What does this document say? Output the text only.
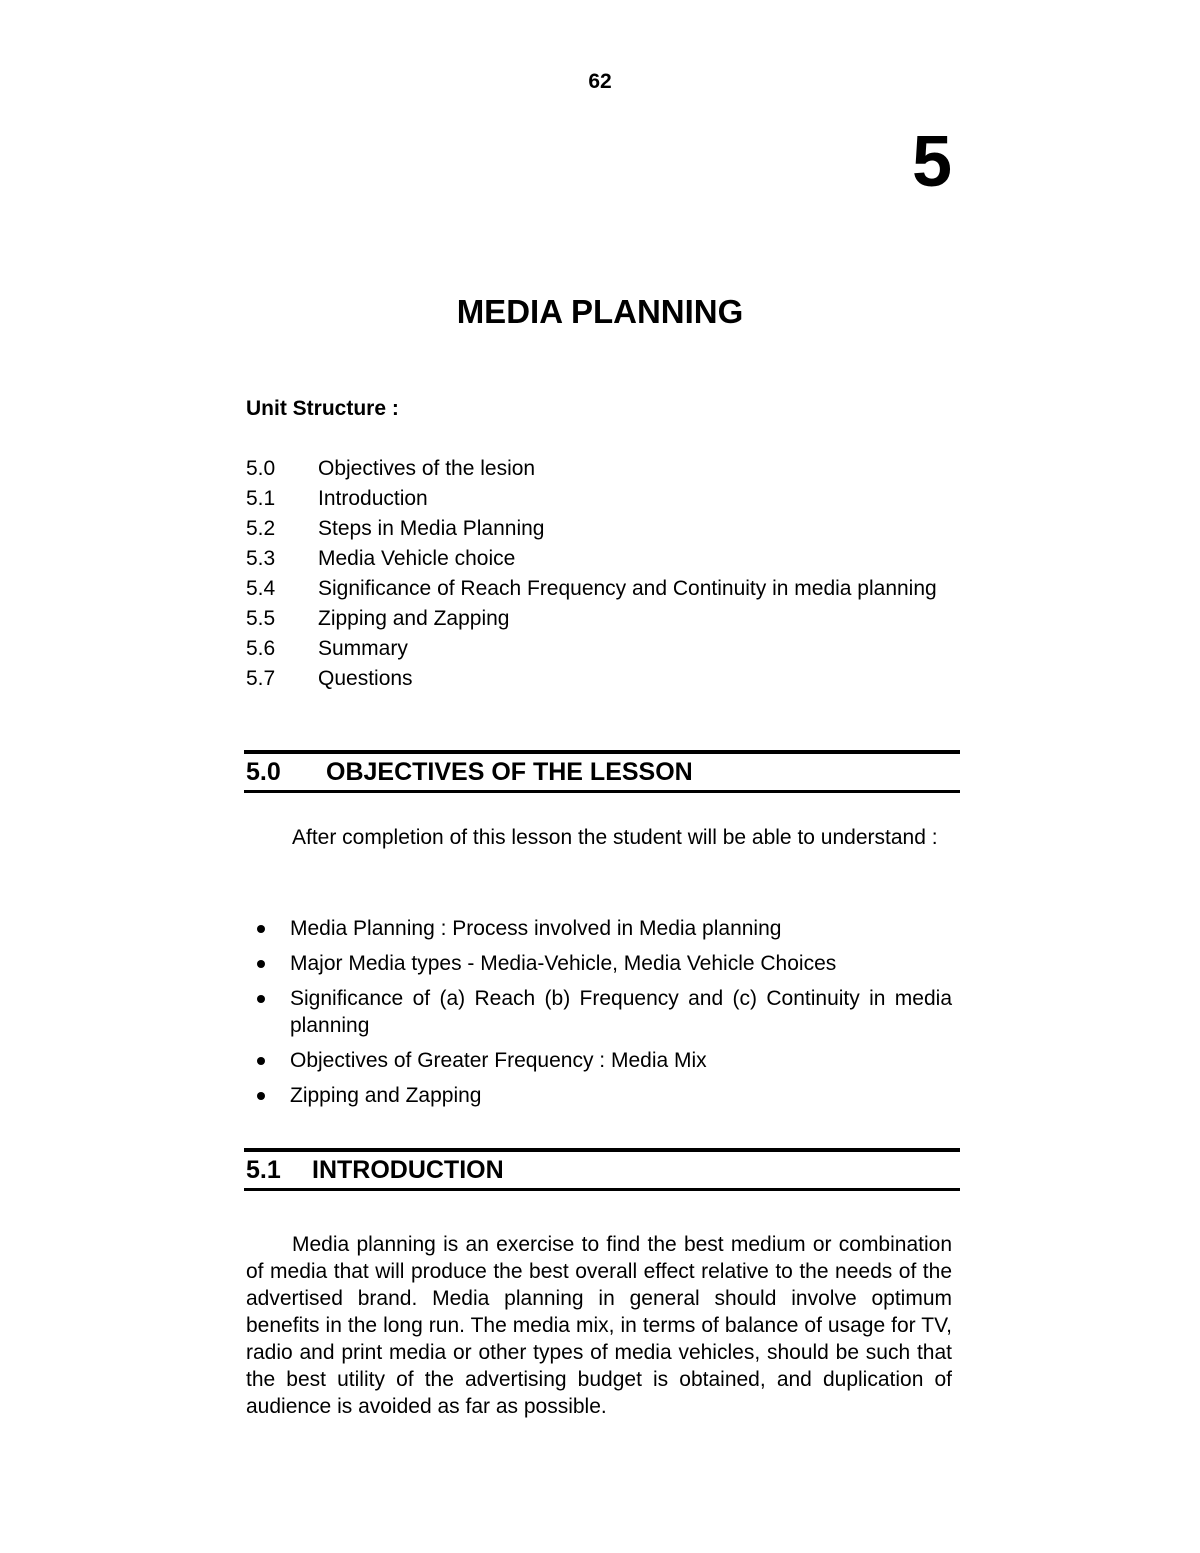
62
5
MEDIA PLANNING
Unit Structure :
5.0	Objectives of the lesion
5.1	Introduction
5.2	Steps in Media Planning
5.3	Media Vehicle choice
5.4	Significance of Reach Frequency and Continuity in media planning
5.5	Zipping and Zapping
5.6	Summary
5.7	Questions
5.0	OBJECTIVES OF THE LESSON
After completion of this lesson the student will be able to understand :
Media Planning : Process involved in Media planning
Major Media types - Media-Vehicle, Media Vehicle Choices
Significance of (a) Reach (b) Frequency and (c) Continuity in media planning
Objectives of Greater Frequency : Media Mix
Zipping and Zapping
5.1	INTRODUCTION
Media planning is an exercise to find the best medium or combination of media that will produce the best overall effect relative to the needs of the advertised brand. Media planning in general should involve optimum benefits in the long run. The media mix, in terms of balance of usage for TV, radio and print media or other types of media vehicles, should be such that the best utility of the advertising budget is obtained, and duplication of audience is avoided as far as possible.
